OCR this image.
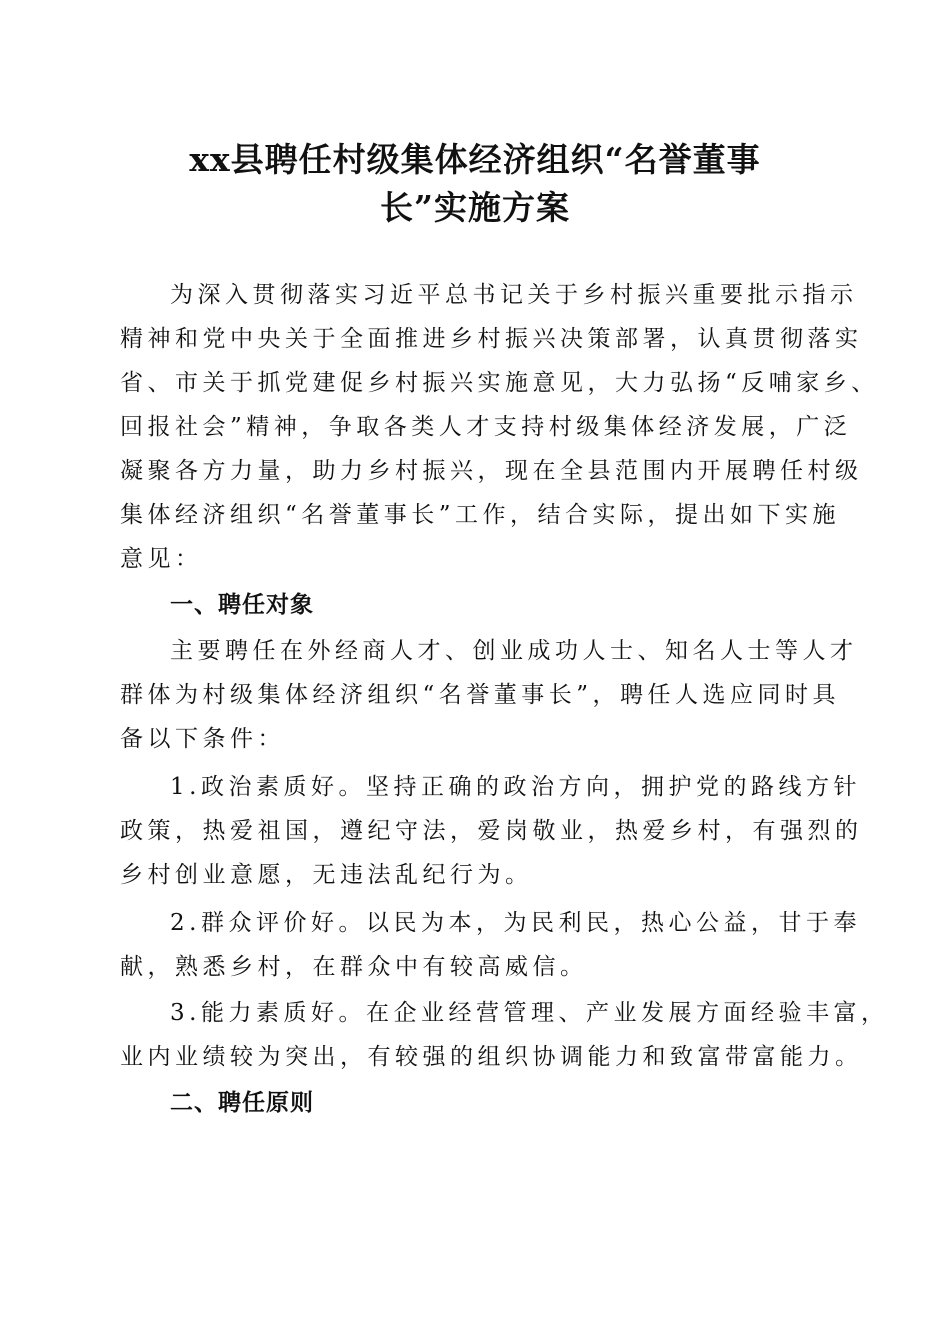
xx县聘任村级集体经济组织“名誉董事
长”实施方案
为深入贯彻落实习近平总书记关于乡村振兴重要批示指示
精神和党中央关于全面推进乡村振兴决策部署，认真贯彻落实
省、市关于抓党建促乡村振兴实施意见，大力弘扬“反哺家乡、
回报社会”精神，争取各类人才支持村级集体经济发展，广泛
凝聚各方力量，助力乡村振兴，现在全县范围内开展聘任村级
集体经济组织“名誉董事长”工作，结合实际，提出如下实施
意见：
一、聘任对象
主要聘任在外经商人才、创业成功人士、知名人士等人才
群体为村级集体经济组织“名誉董事长”，聘任人选应同时具
备以下条件：
1.政治素质好。坚持正确的政治方向，拥护党的路线方针
政策，热爱祖国，遵纪守法，爱岗敬业，热爱乡村，有强烈的
乡村创业意愿，无违法乱纪行为。
2.群众评价好。以民为本，为民利民，热心公益，甘于奉
献，熟悉乡村，在群众中有较高威信。
3.能力素质好。在企业经营管理、产业发展方面经验丰富，
业内业绩较为突出，有较强的组织协调能力和致富带富能力。
二、聘任原则
